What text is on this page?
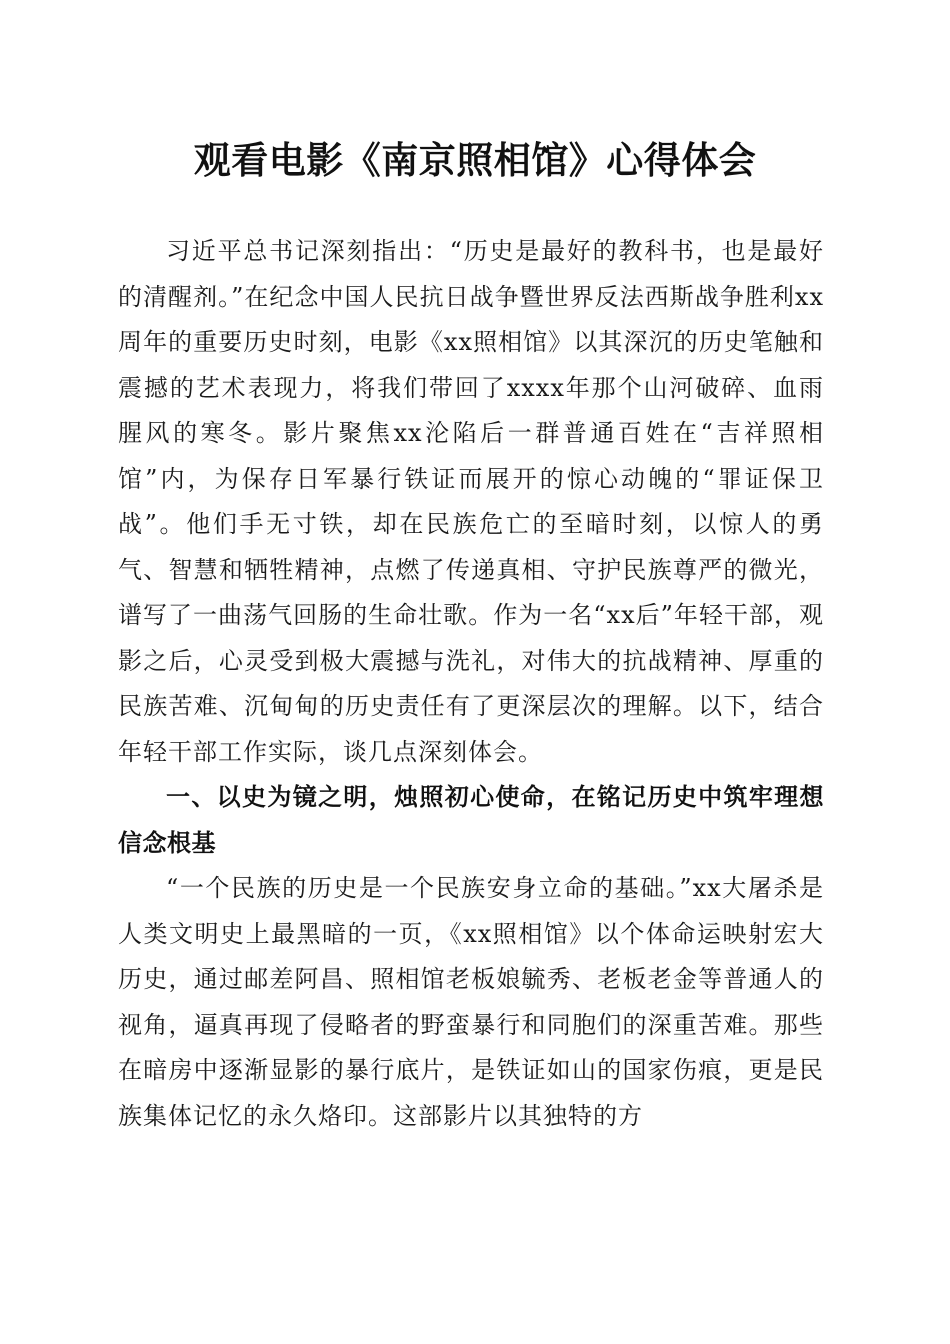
观看电影《南京照相馆》心得体会

习近平总书记深刻指出：“历史是最好的教科书，也是最好的清醒剂。”在纪念中国人民抗日战争暨世界反法西斯战争胜利xx周年的重要历史时刻，电影《xx照相馆》以其深沉的历史笔触和震撼的艺术表现力，将我们带回了xxxx年那个山河破碎、血雨腥风的寒冬。影片聚焦xx沦陷后一群普通百姓在“吉祥照相馆”内，为保存日军暴行铁证而展开的惊心动魄的“罪证保卫战”。他们手无寸铁，却在民族危亡的至暗时刻，以惊人的勇气、智慧和牺牲精神，点燃了传递真相、守护民族尊严的微光，谱写了一曲荡气回肠的生命壮歌。作为一名“xx后”年轻干部，观影之后，心灵受到极大震撼与洗礼，对伟大的抗战精神、厚重的民族苦难、沉甸甸的历史责任有了更深层次的理解。以下，结合年轻干部工作实际，谈几点深刻体会。

一、以史为镜之明，烛照初心使命，在铭记历史中筑牢理想信念根基

“一个民族的历史是一个民族安身立命的基础。”xx大屠杀是人类文明史上最黑暗的一页，《xx照相馆》以个体命运映射宏大历史，通过邮差阿昌、照相馆老板娘毓秀、老板老金等普通人的视角，逼真再现了侵略者的野蛮暴行和同胞们的深重苦难。那些在暗房中逐渐显影的暴行底片，是铁证如山的国家伤痕，更是民族集体记忆的永久烙印。这部影片以其独特的方
